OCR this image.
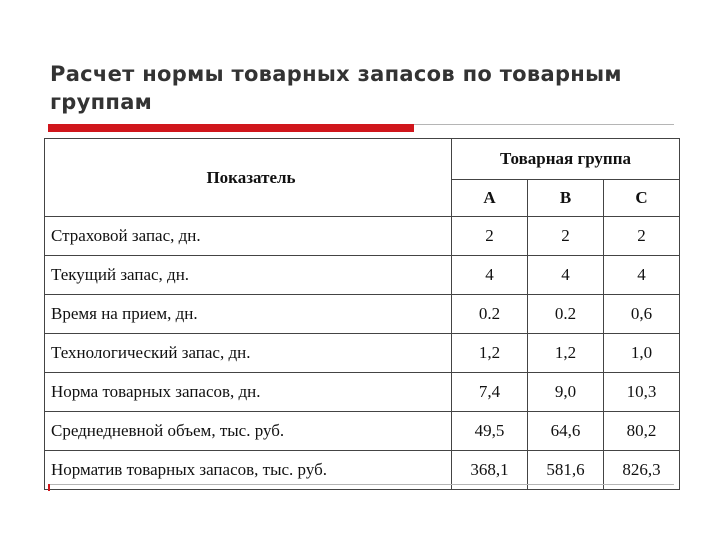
Расчет нормы товарных запасов по товарным группам
Показатель	Товарная группа		
	A	B	C
Страховой запас, дн.	2	2	2
Текущий запас, дн.	4	4	4
Время на прием, дн.	0.2	0.2	0,6
Технологический запас, дн.	1,2	1,2	1,0
Норма товарных запасов, дн.	7,4	9,0	10,3
Среднедневной объем, тыс. руб.	49,5	64,6	80,2
Норматив товарных запасов, тыс. руб.	368,1	581,6	826,3
